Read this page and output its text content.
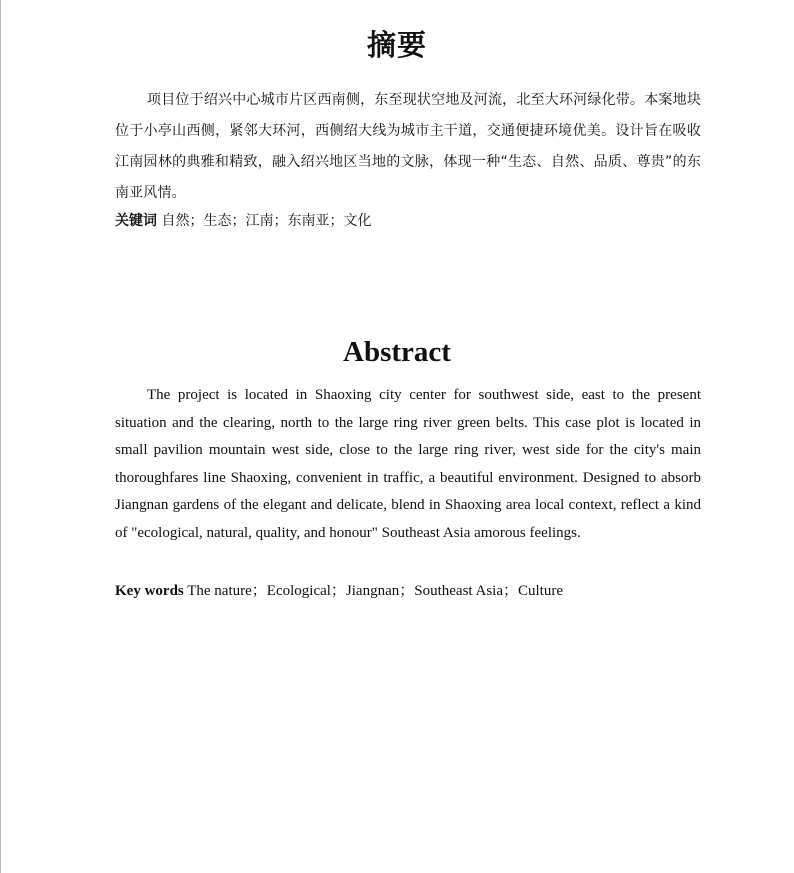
摘要

项目位于绍兴中心城市片区西南侧，东至现状空地及河流，北至大环河绿化带。本案地块位于小亭山西侧，紧邻大环河，西侧绍大线为城市主干道，交通便捷环境优美。设计旨在吸收江南园林的典雅和精致，融入绍兴地区当地的文脉，体现一种“生态、自然、品质、尊贵”的东南亚风情。

关键词 自然；生态；江南；东南亚；文化

Abstract

The project is located in Shaoxing city center for southwest side, east to the present situation and the clearing, north to the large ring river green belts. This case plot is located in small pavilion mountain west side, close to the large ring river, west side for the city's main thoroughfares line Shaoxing, convenient in traffic, a beautiful environment. Designed to absorb Jiangnan gardens of the elegant and delicate, blend in Shaoxing area local context, reflect a kind of "ecological, natural, quality, and honour" Southeast Asia amorous feelings.

Key words The nature；Ecological；Jiangnan；Southeast Asia；Culture
